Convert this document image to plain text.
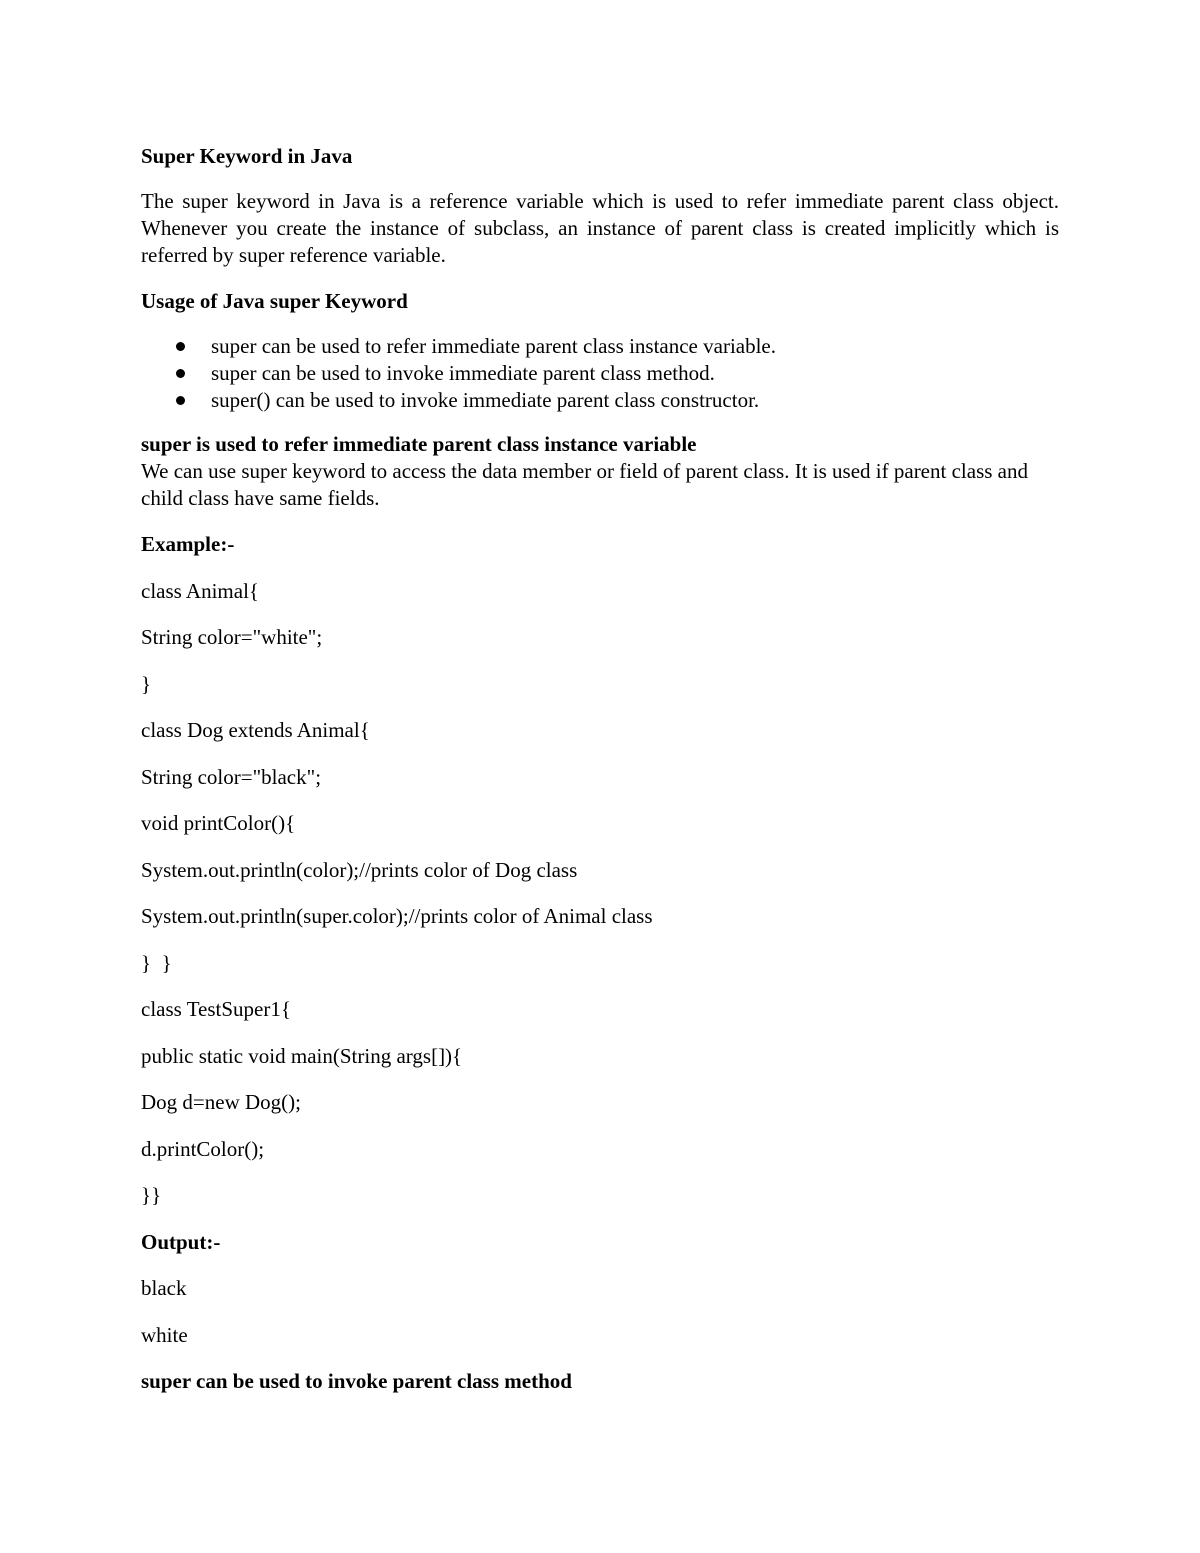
Super Keyword in Java
The super keyword in Java is a reference variable which is used to refer immediate parent class object. Whenever you create the instance of subclass, an instance of parent class is created implicitly which is referred by super reference variable.
Usage of Java super Keyword
super can be used to refer immediate parent class instance variable.
super can be used to invoke immediate parent class method.
super() can be used to invoke immediate parent class constructor.
super is used to refer immediate parent class instance variable
We can use super keyword to access the data member or field of parent class. It is used if parent class and child class have same fields.
Example:-
class Animal{
String color="white";
}
class Dog extends Animal{
String color="black";
void printColor(){
System.out.println(color);//prints color of Dog class
System.out.println(super.color);//prints color of Animal class
}  }
class TestSuper1{
public static void main(String args[]){
Dog d=new Dog();
d.printColor();
}}
Output:-
black
white
super can be used to invoke parent class method
